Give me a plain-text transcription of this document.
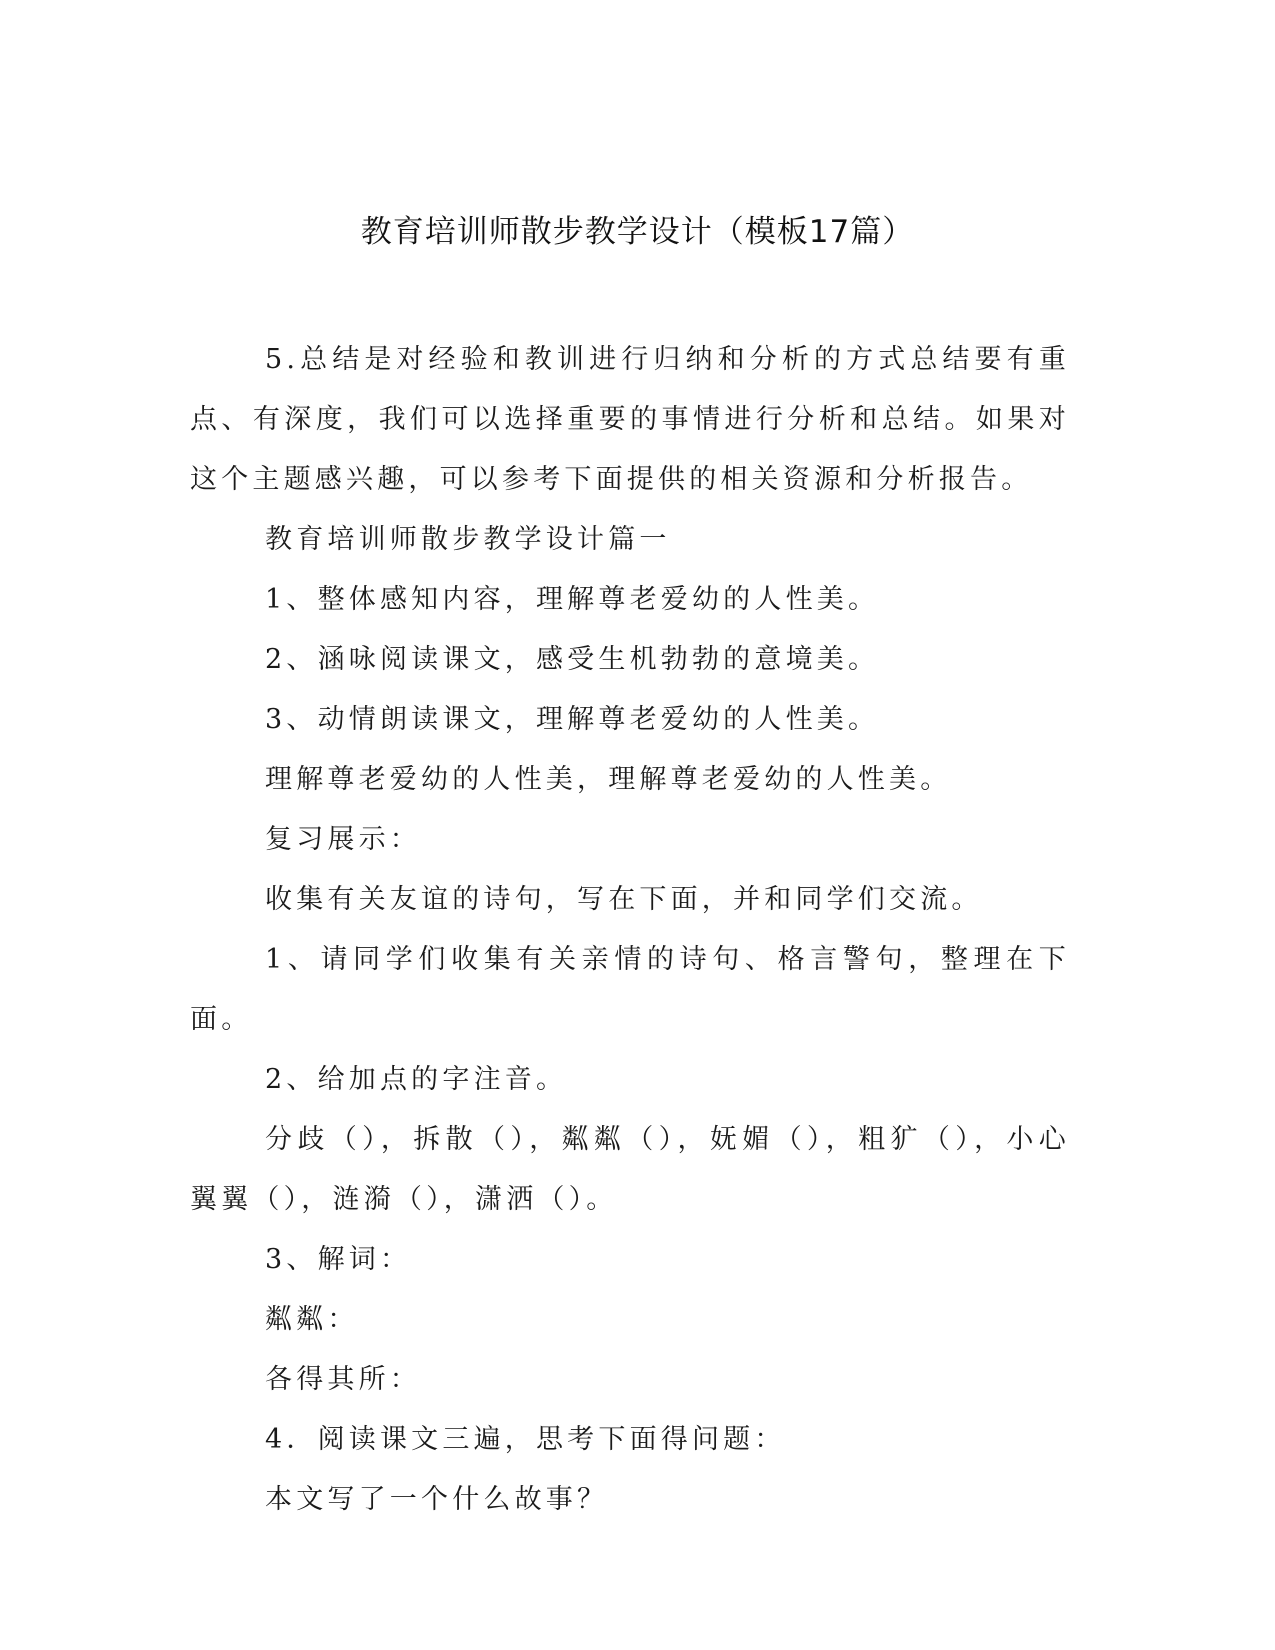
教育培训师散步教学设计（模板17篇）

5.总结是对经验和教训进行归纳和分析的方式总结要有重点、有深度，我们可以选择重要的事情进行分析和总结。如果对这个主题感兴趣，可以参考下面提供的相关资源和分析报告。

教育培训师散步教学设计篇一

1、整体感知内容，理解尊老爱幼的人性美。

2、涵咏阅读课文，感受生机勃勃的意境美。

3、动情朗读课文，理解尊老爱幼的人性美。

理解尊老爱幼的人性美，理解尊老爱幼的人性美。

复习展示：

收集有关友谊的诗句，写在下面，并和同学们交流。

1、请同学们收集有关亲情的诗句、格言警句，整理在下面。

2、给加点的字注音。

分歧（），拆散（），粼粼（），妩媚（），粗犷（），小心翼翼（），涟漪（），潇洒（）。

3、解词：

粼粼：

各得其所：

4．阅读课文三遍，思考下面得问题：

本文写了一个什么故事？
